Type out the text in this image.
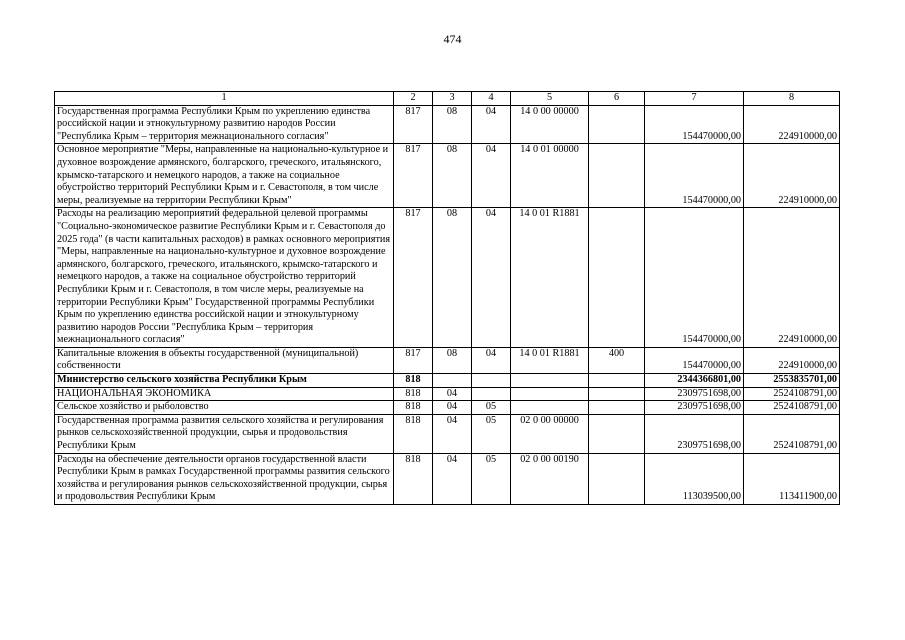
474
1	2	3	4	5	6	7	8
Государственная программа Республики Крым по укреплению единства российской нации и этнокультурному развитию народов России "Республика Крым – территория межнационального согласия"	817	08	04	14 0 00 00000		154470000,00	224910000,00
Основное мероприятие "Меры, направленные на национально-культурное и духовное возрождение армянского, болгарского, греческого, итальянского, крымско-татарского и немецкого народов, а также на социальное обустройство территорий Республики Крым и г. Севастополя, в том числе меры, реализуемые на территории Республики Крым"	817	08	04	14 0 01 00000		154470000,00	224910000,00
Расходы на реализацию мероприятий федеральной целевой программы "Социально-экономическое развитие Республики Крым и г. Севастополя до 2025 года" (в части капитальных расходов) в рамках основного мероприятия "Меры, направленные на национально-культурное и духовное возрождение армянского, болгарского, греческого, итальянского, крымско-татарского и немецкого народов, а также на социальное обустройство территорий Республики Крым и г. Севастополя, в том числе меры, реализуемые на территории Республики Крым" Государственной программы Республики Крым по укреплению единства российской нации и этнокультурному развитию народов России "Республика Крым – территория межнационального согласия"	817	08	04	14 0 01 R1881		154470000,00	224910000,00
Капитальные вложения в объекты государственной (муниципальной) собственности	817	08	04	14 0 01 R1881	400	154470000,00	224910000,00
Министерство сельского хозяйства Республики Крым	818					2344366801,00	2553835701,00
НАЦИОНАЛЬНАЯ ЭКОНОМИКА	818	04				2309751698,00	2524108791,00
Сельское хозяйство и рыболовство	818	04	05			2309751698,00	2524108791,00
Государственная программа развития сельского хозяйства и регулирования рынков сельскохозяйственной продукции, сырья и продовольствия Республики Крым	818	04	05	02 0 00 00000		2309751698,00	2524108791,00
Расходы на обеспечение деятельности органов государственной власти Республики Крым в рамках Государственной программы развития сельского хозяйства и регулирования рынков сельскохозяйственной продукции, сырья и продовольствия Республики Крым	818	04	05	02 0 00 00190		113039500,00	113411900,00
